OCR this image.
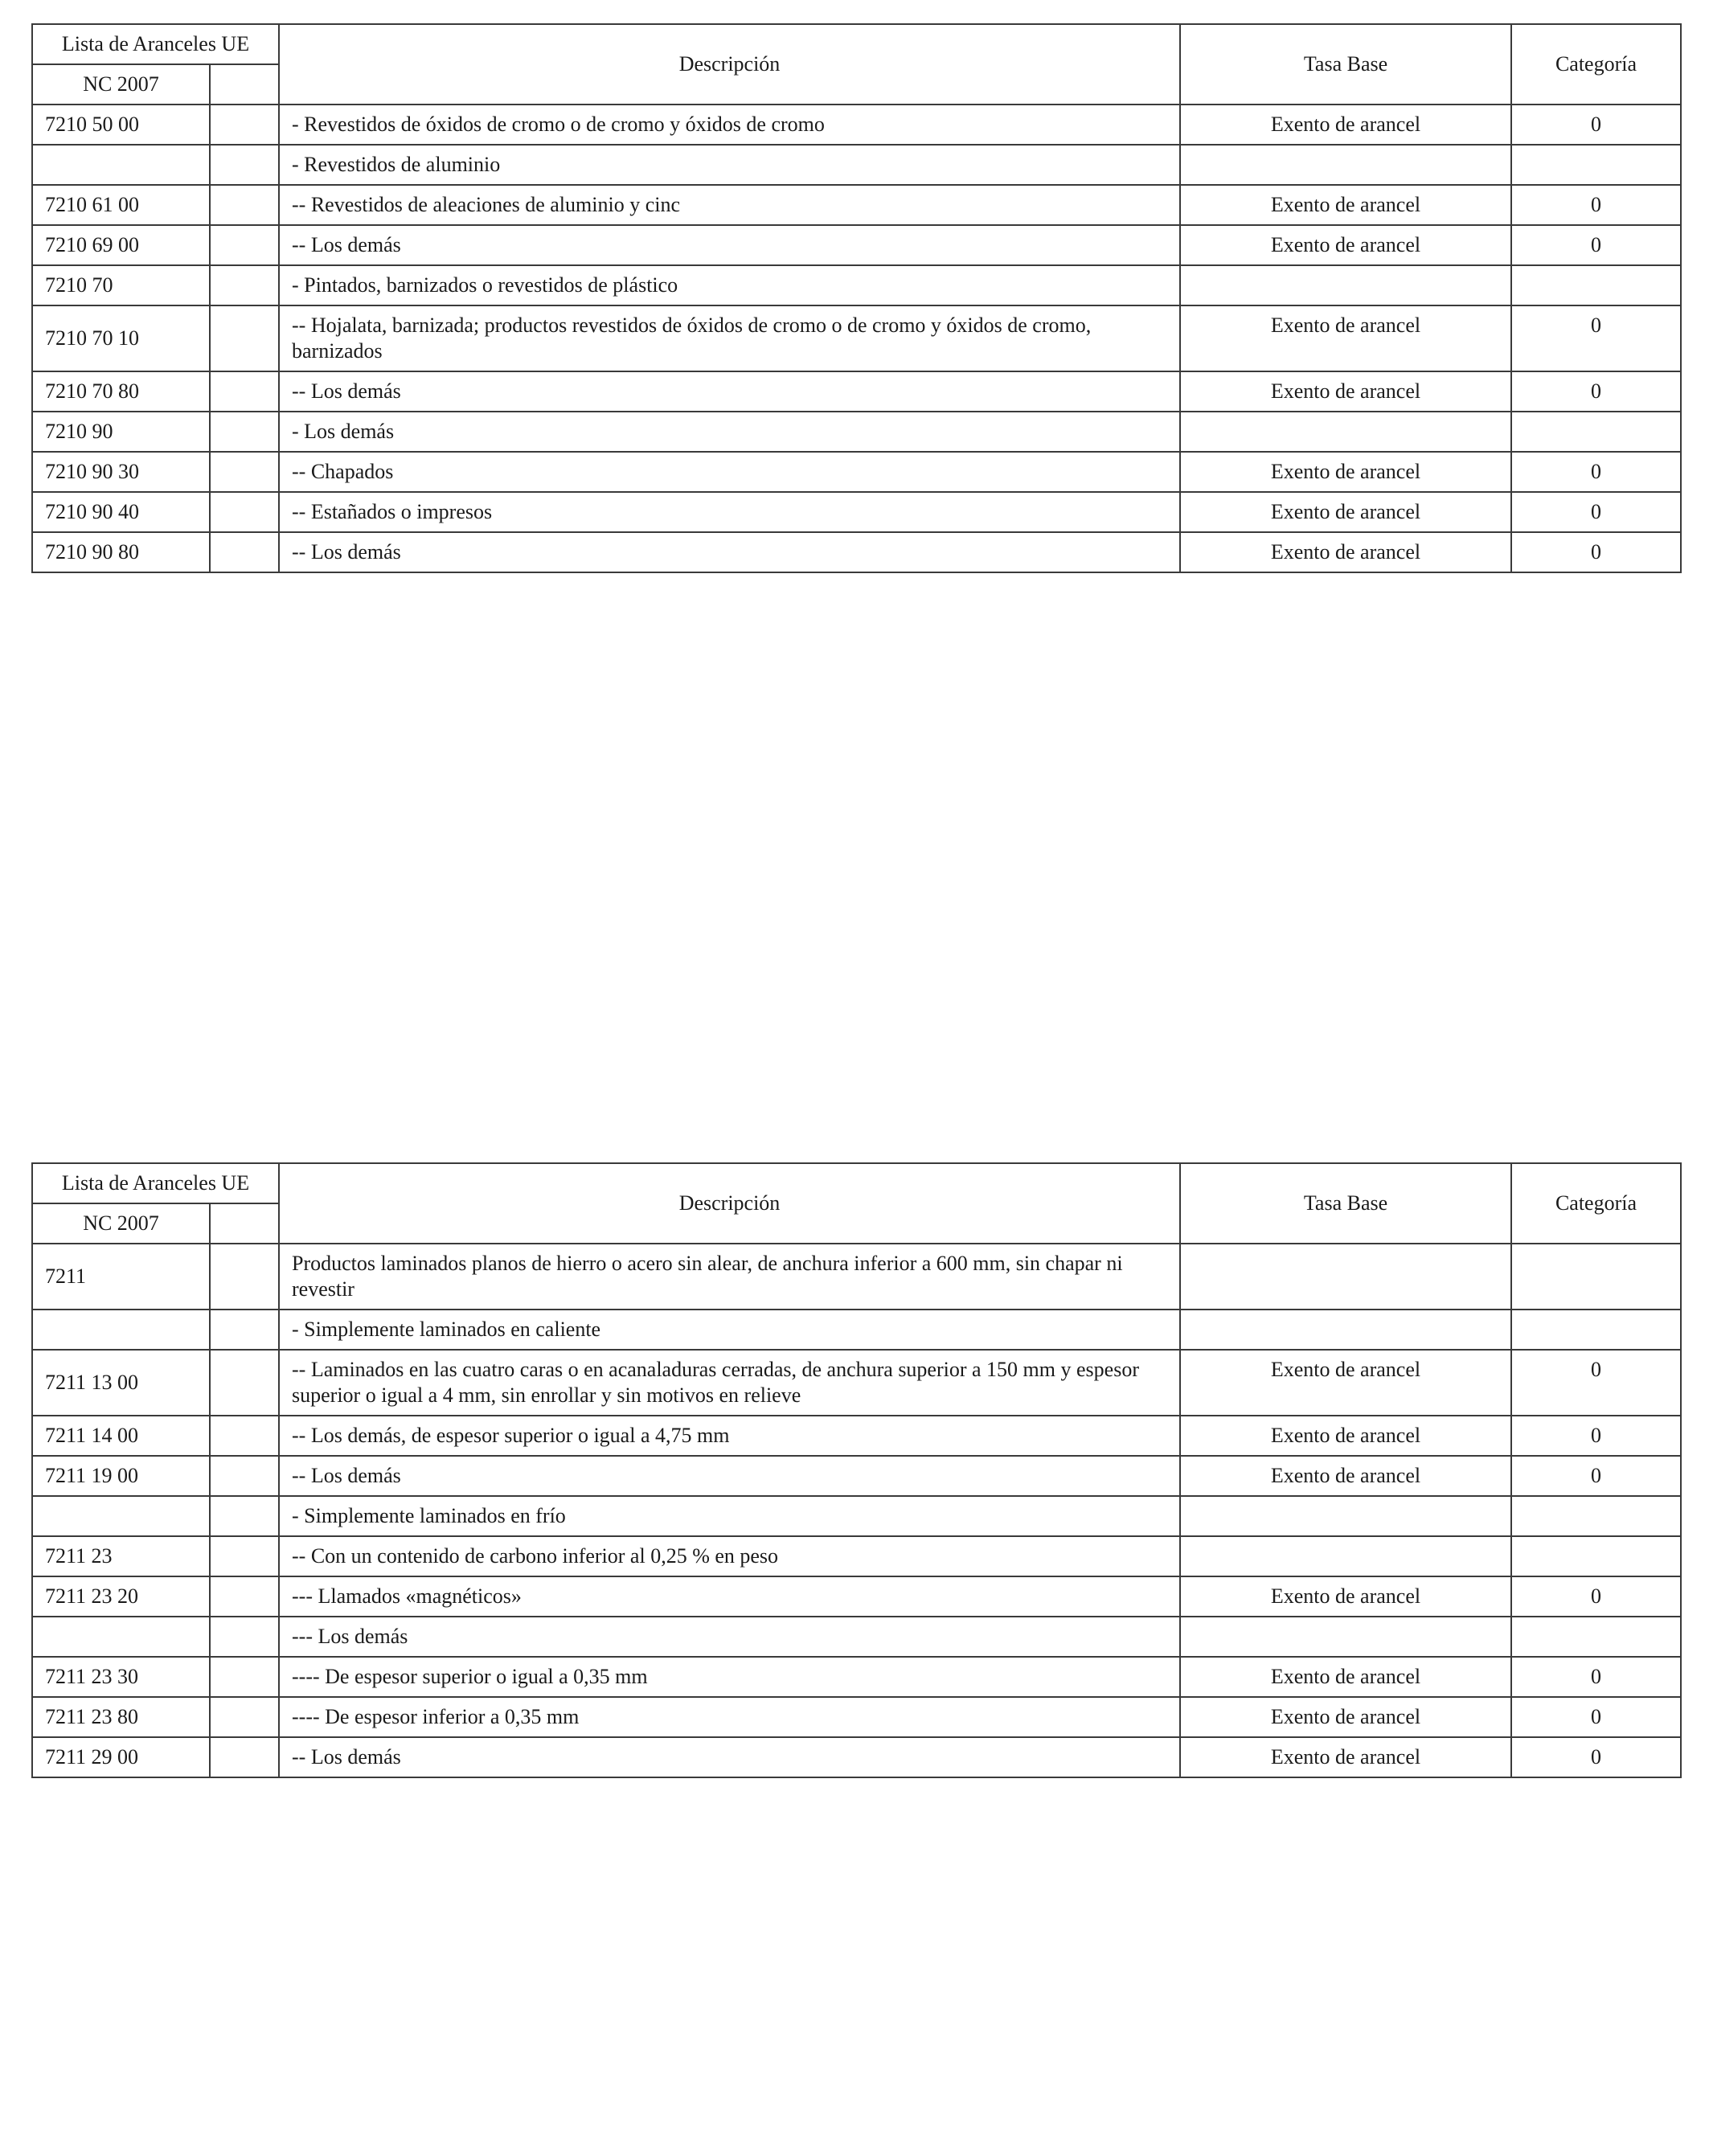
Lista de Aranceles UE		Descripción	Tasa Base	Categoría
NC 2007				
7210 50 00		- Revestidos de óxidos de cromo o de cromo y óxidos de cromo	Exento de arancel	0
		- Revestidos de aluminio		
7210 61 00		-- Revestidos de aleaciones de aluminio y cinc	Exento de arancel	0
7210 69 00		-- Los demás	Exento de arancel	0
7210 70		- Pintados, barnizados o revestidos de plástico		
7210 70 10		-- Hojalata, barnizada; productos revestidos de óxidos de cromo o de cromo y óxidos de cromo, barnizados	Exento de arancel	0
7210 70 80		-- Los demás	Exento de arancel	0
7210 90		- Los demás		
7210 90 30		-- Chapados	Exento de arancel	0
7210 90 40		-- Estañados o impresos	Exento de arancel	0
7210 90 80		-- Los demás	Exento de arancel	0
Lista de Aranceles UE		Descripción	Tasa Base	Categoría
NC 2007				
7211		Productos laminados planos de hierro o acero sin alear, de anchura inferior a 600 mm, sin chapar ni revestir		
		- Simplemente laminados en caliente		
7211 13 00		-- Laminados en las cuatro caras o en acanaladuras cerradas, de anchura superior a 150 mm y espesor superior o igual a 4 mm, sin enrollar y sin motivos en relieve	Exento de arancel	0
7211 14 00		-- Los demás, de espesor superior o igual a 4,75 mm	Exento de arancel	0
7211 19 00		-- Los demás	Exento de arancel	0
		- Simplemente laminados en frío		
7211 23		-- Con un contenido de carbono inferior al 0,25 % en peso		
7211 23 20		--- Llamados «magnéticos»	Exento de arancel	0
		--- Los demás		
7211 23 30		---- De espesor superior o igual a 0,35 mm	Exento de arancel	0
7211 23 80		---- De espesor inferior a 0,35 mm	Exento de arancel	0
7211 29 00		-- Los demás	Exento de arancel	0
